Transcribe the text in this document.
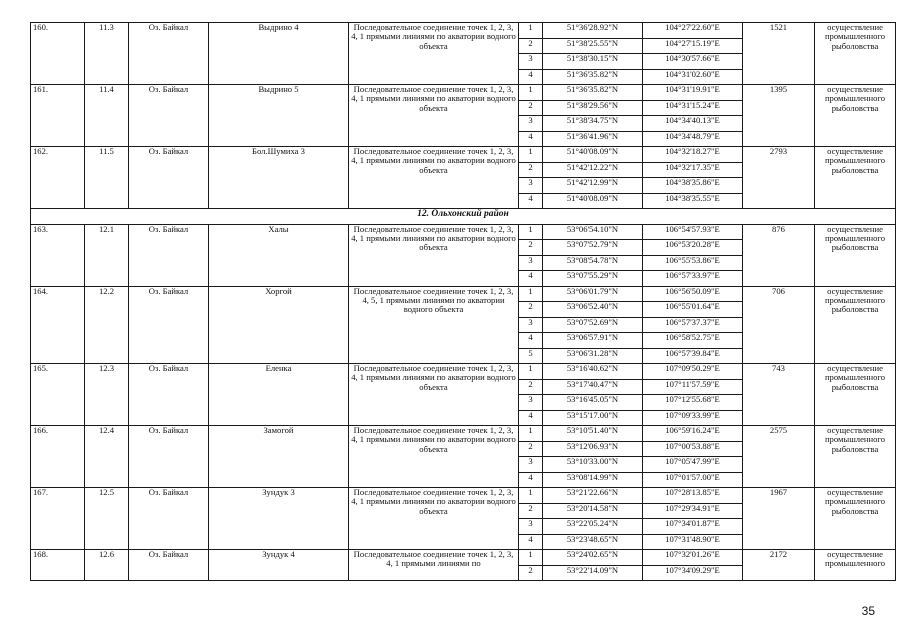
160.	11.3	Оз. Байкал	Выдрино 4	Последовательное соединение точек 1, 2, 3, 4, 1 прямыми линиями по акватории водного объекта	1	51°36'28.92"N	104°27'22.60"E	1521	осуществление промышленного рыболовства
					2	51°38'25.55"N	104°27'15.19"E		
					3	51°38'30.15"N	104°30'57.66"E		
					4	51°36'35.82"N	104°31'02.60"E		
161.	11.4	Оз. Байкал	Выдрино 5	Последовательное соединение точек 1, 2, 3, 4, 1 прямыми линиями по акватории водного объекта	1	51°36'35.82"N	104°31'19.91"E	1395	осуществление промышленного рыболовства
					2	51°38'29.56"N	104°31'15.24"E		
					3	51°38'34.75"N	104°34'40.13"E		
					4	51°36'41.96"N	104°34'48.79"E		
162.	11.5	Оз. Байкал	Бол.Шумиха 3	Последовательное соединение точек 1, 2, 3, 4, 1 прямыми линиями по акватории водного объекта	1	51°40'08.09"N	104°32'18.27"E	2793	осуществление промышленного рыболовства
					2	51°42'12.22"N	104°32'17.35"E		
					3	51°42'12.99"N	104°38'35.86"E		
					4	51°40'08.09"N	104°38'35.55"E		
12. Ольхонский район									
163.	12.1	Оз. Байкал	Халы	Последовательное соединение точек 1, 2, 3, 4, 1 прямыми линиями по акватории водного объекта	1	53°06'54.10"N	106°54'57.93"E	876	осуществление промышленного рыболовства
					2	53°07'52.79"N	106°53'20.28"E		
					3	53°08'54.78"N	106°55'53.86"E		
					4	53°07'55.29"N	106°57'33.97"E		
164.	12.2	Оз. Байкал	Хоргой	Последовательное соединение точек 1, 2, 3, 4, 5, 1 прямыми линиями по акватории водного объекта	1	53°06'01.79"N	106°56'50.09"E	706	осуществление промышленного рыболовства
					2	53°06'52.40"N	106°55'01.64"E		
					3	53°07'52.69"N	106°57'37.37"E		
					4	53°06'57.91"N	106°58'52.75"E		
					5	53°06'31.28"N	106°57'39.84"E		
165.	12.3	Оз. Байкал	Еленка	Последовательное соединение точек 1, 2, 3, 4, 1 прямыми линиями по акватории водного объекта	1	53°16'40.62"N	107°09'50.29"E	743	осуществление промышленного рыболовства
					2	53°17'40.47"N	107°11'57.59"E		
					3	53°16'45.05"N	107°12'55.68"E		
					4	53°15'17.00"N	107°09'33.99"E		
166.	12.4	Оз. Байкал	Замогой	Последовательное соединение точек 1, 2, 3, 4, 1 прямыми линиями по акватории водного объекта	1	53°10'51.40"N	106°59'16.24"E	2575	осуществление промышленного рыболовства
					2	53°12'06.93"N	107°00'53.88"E		
					3	53°10'33.00"N	107°05'47.99"E		
					4	53°08'14.99"N	107°01'57.00"E		
167.	12.5	Оз. Байкал	Зундук 3	Последовательное соединение точек 1, 2, 3, 4, 1 прямыми линиями по акватории водного объекта	1	53°21'22.66"N	107°28'13.85"E	1967	осуществление промышленного рыболовства
					2	53°20'14.58"N	107°29'34.91"E		
					3	53°22'05.24"N	107°34'01.87"E		
					4	53°23'48.65"N	107°31'48.90"E		
168.	12.6	Оз. Байкал	Зундук 4	Последовательное соединение точек 1, 2, 3, 4, 1 прямыми линиями по	1	53°24'02.65"N	107°32'01.26"E	2172	осуществление промышленного
					2	53°22'14.09"N	107°34'09.29"E		
35
